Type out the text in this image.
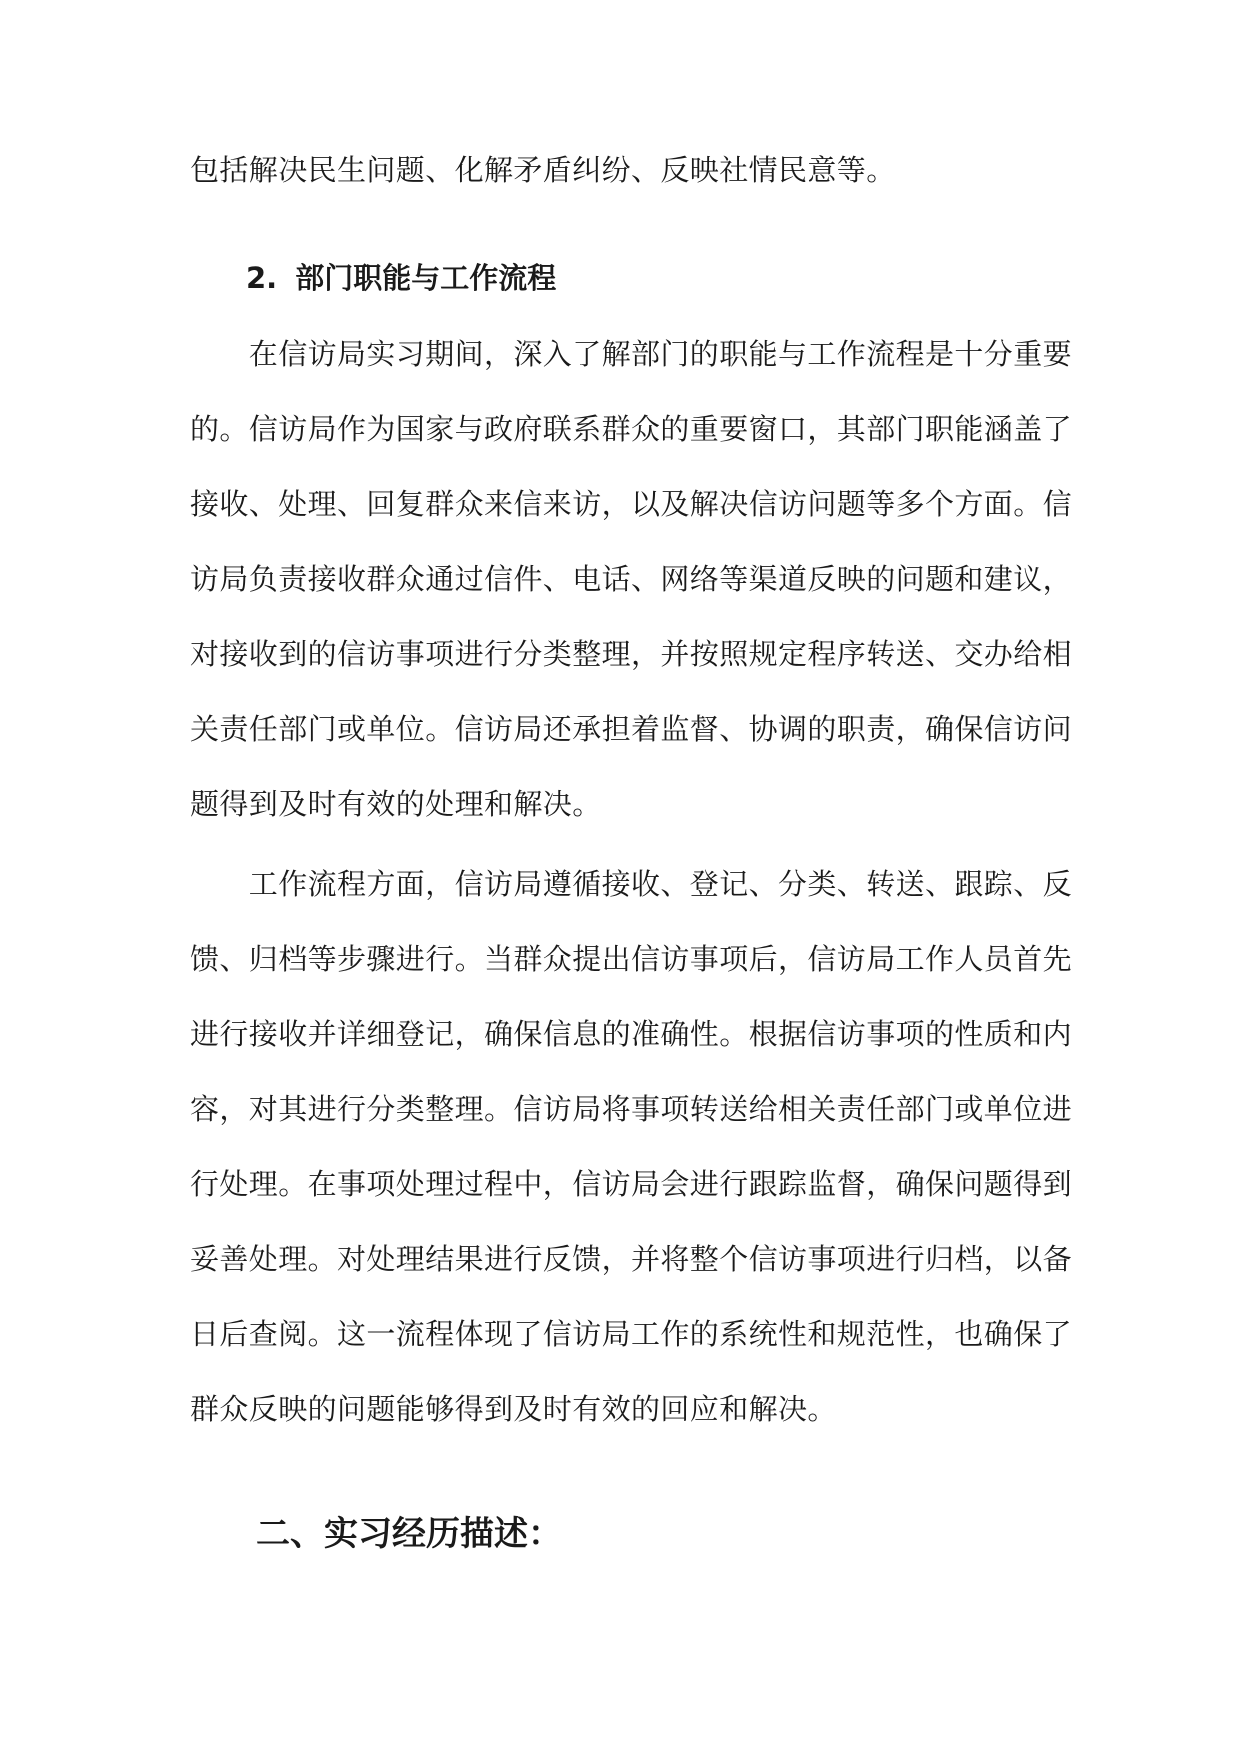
包括解决民生问题、化解矛盾纠纷、反映社情民意等。
2. 部门职能与工作流程
　　在信访局实习期间，深入了解部门的职能与工作流程是十分重要
的。信访局作为国家与政府联系群众的重要窗口，其部门职能涵盖了
接收、处理、回复群众来信来访，以及解决信访问题等多个方面。信
访局负责接收群众通过信件、电话、网络等渠道反映的问题和建议，
对接收到的信访事项进行分类整理，并按照规定程序转送、交办给相
关责任部门或单位。信访局还承担着监督、协调的职责，确保信访问
题得到及时有效的处理和解决。
　　工作流程方面，信访局遵循接收、登记、分类、转送、跟踪、反
馈、归档等步骤进行。当群众提出信访事项后，信访局工作人员首先
进行接收并详细登记，确保信息的准确性。根据信访事项的性质和内
容，对其进行分类整理。信访局将事项转送给相关责任部门或单位进
行处理。在事项处理过程中，信访局会进行跟踪监督，确保问题得到
妥善处理。对处理结果进行反馈，并将整个信访事项进行归档，以备
日后查阅。这一流程体现了信访局工作的系统性和规范性，也确保了
群众反映的问题能够得到及时有效的回应和解决。
二、实习经历描述：
